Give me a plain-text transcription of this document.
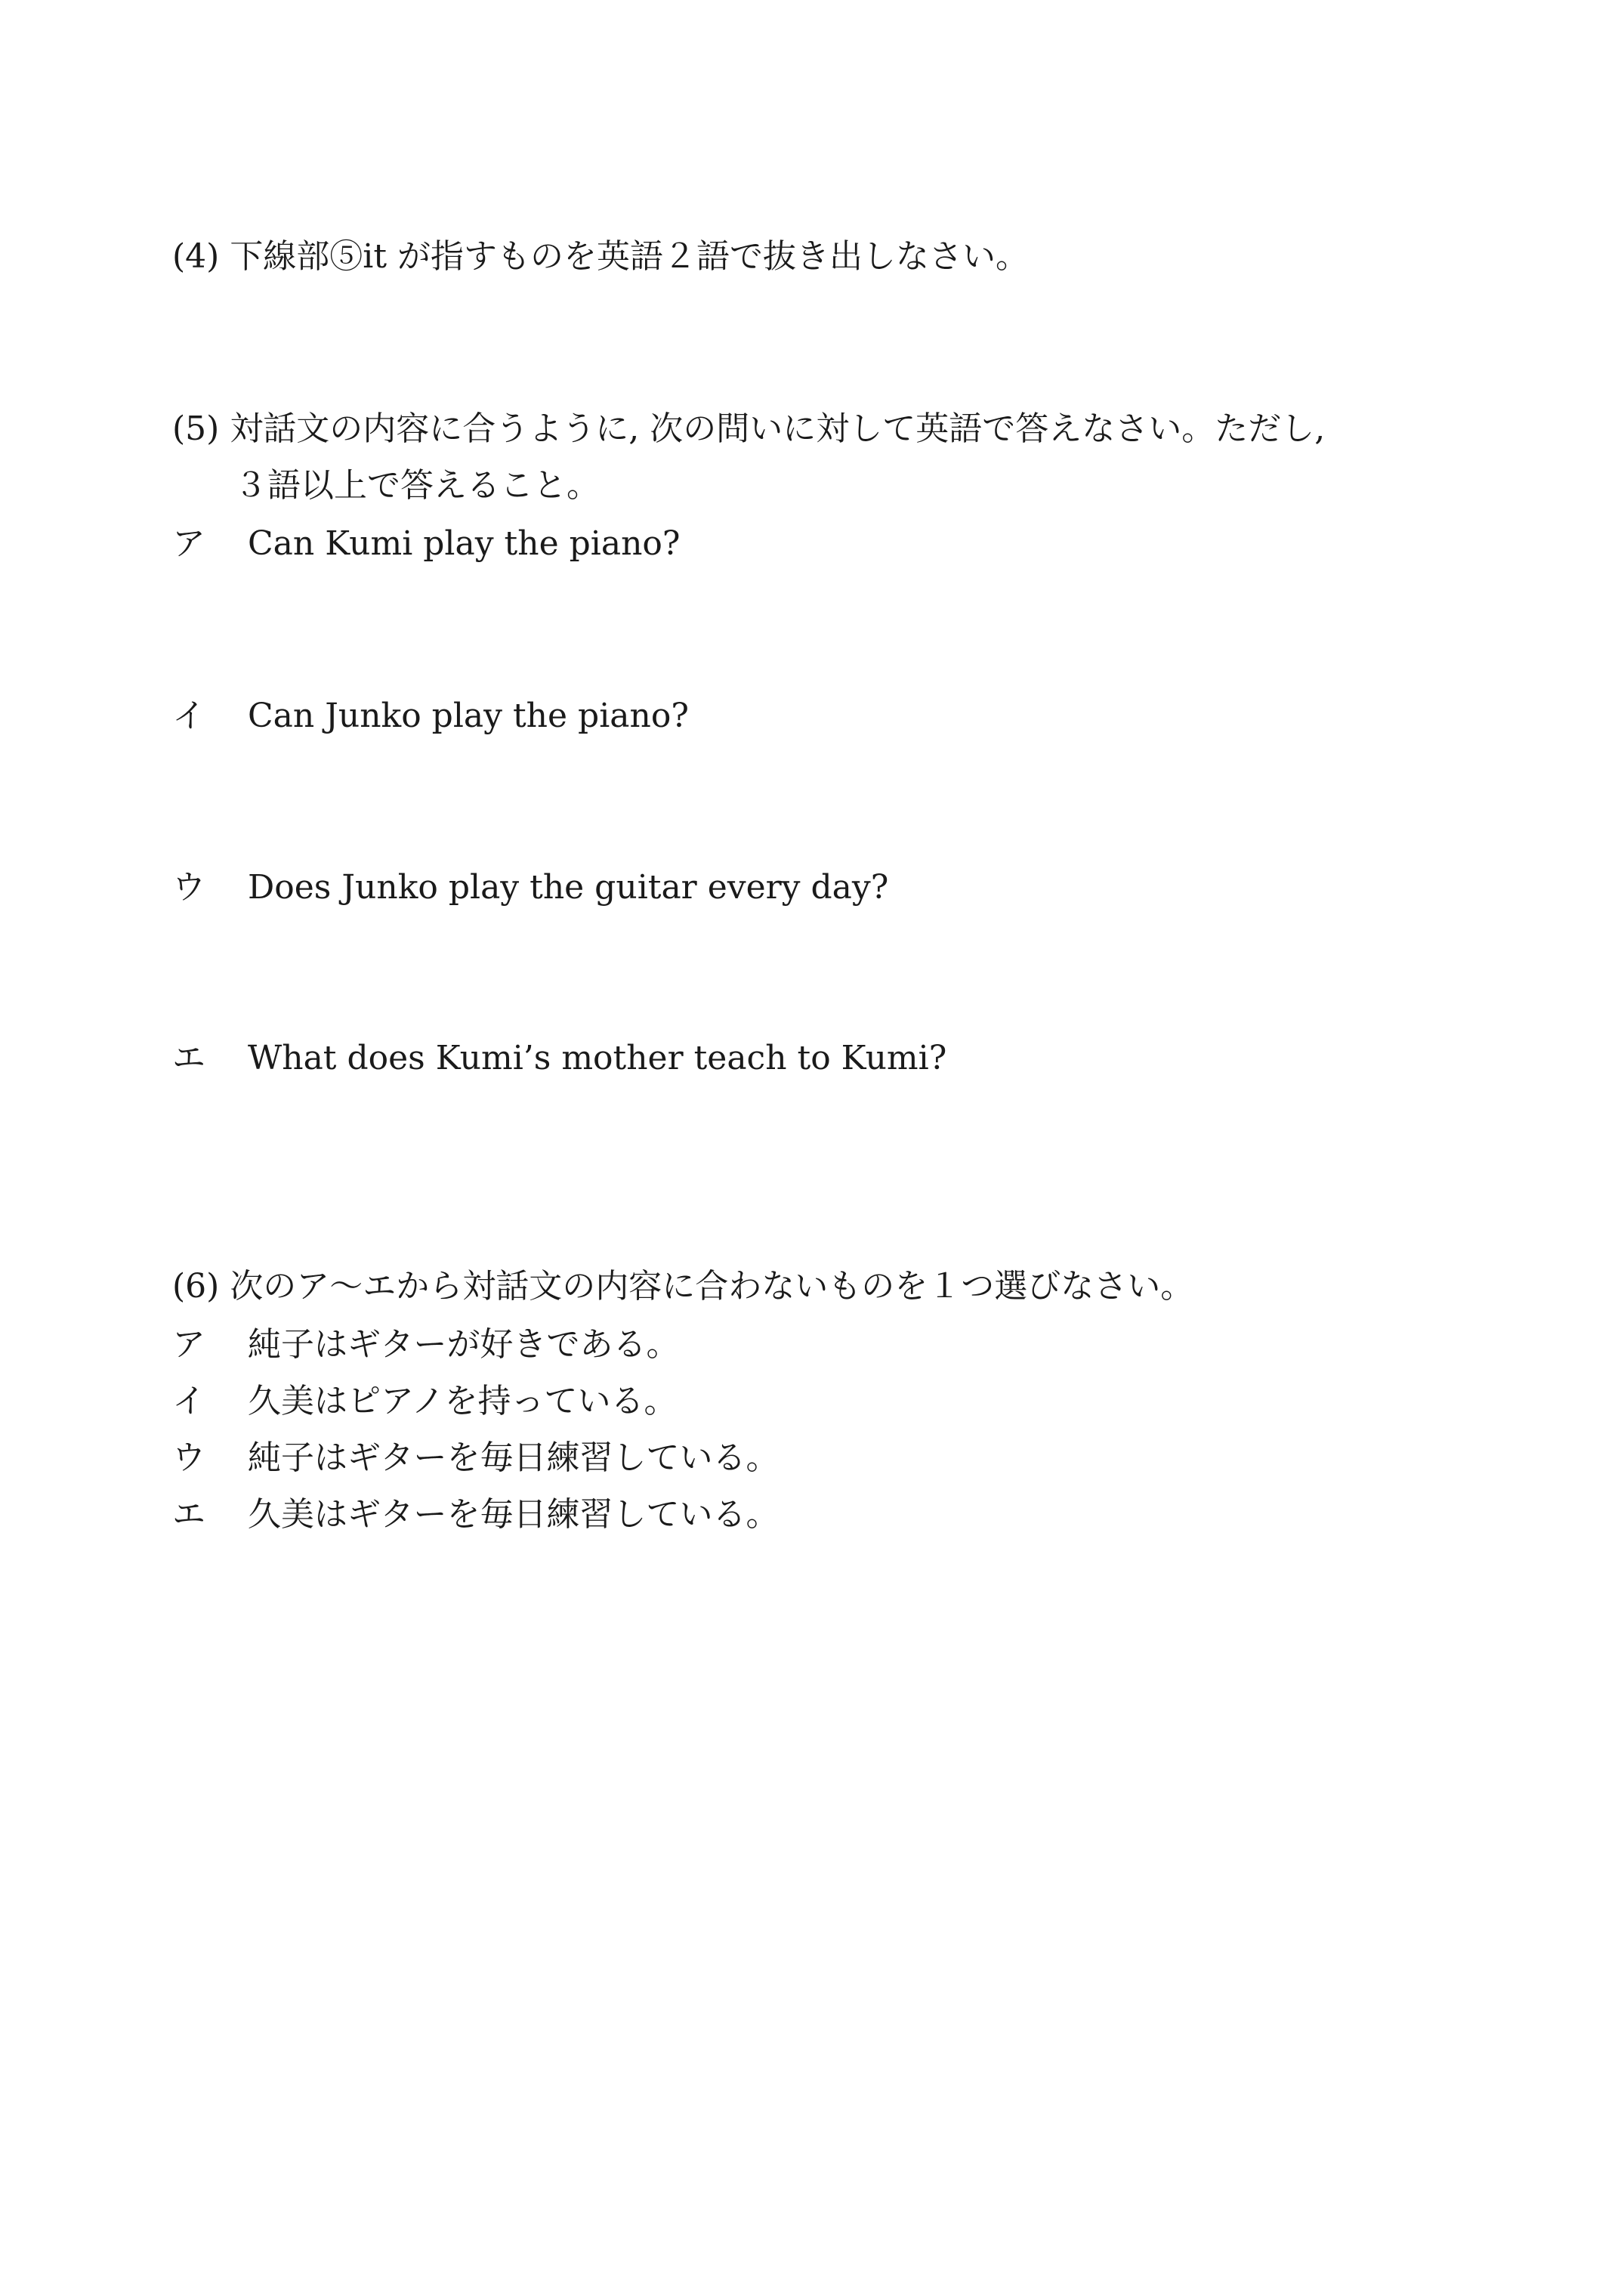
(4) 下線部⑤it が指すものを英語２語で抜き出しなさい。
(5) 対話文の内容に合うように, 次の問いに対して英語で答えなさい。ただし,
３語以上で答えること。
ア Can Kumi play the piano?
イ Can Junko play the piano?
ウ Does Junko play the guitar every day?
エ What does Kumi’s mother teach to Kumi?
(6) 次のア～エから対話文の内容に合わないものを１つ選びなさい。
ア 純子はギターが好きである。
イ 久美はピアノを持っている。
ウ 純子はギターを毎日練習している。
エ 久美はギターを毎日練習している。
